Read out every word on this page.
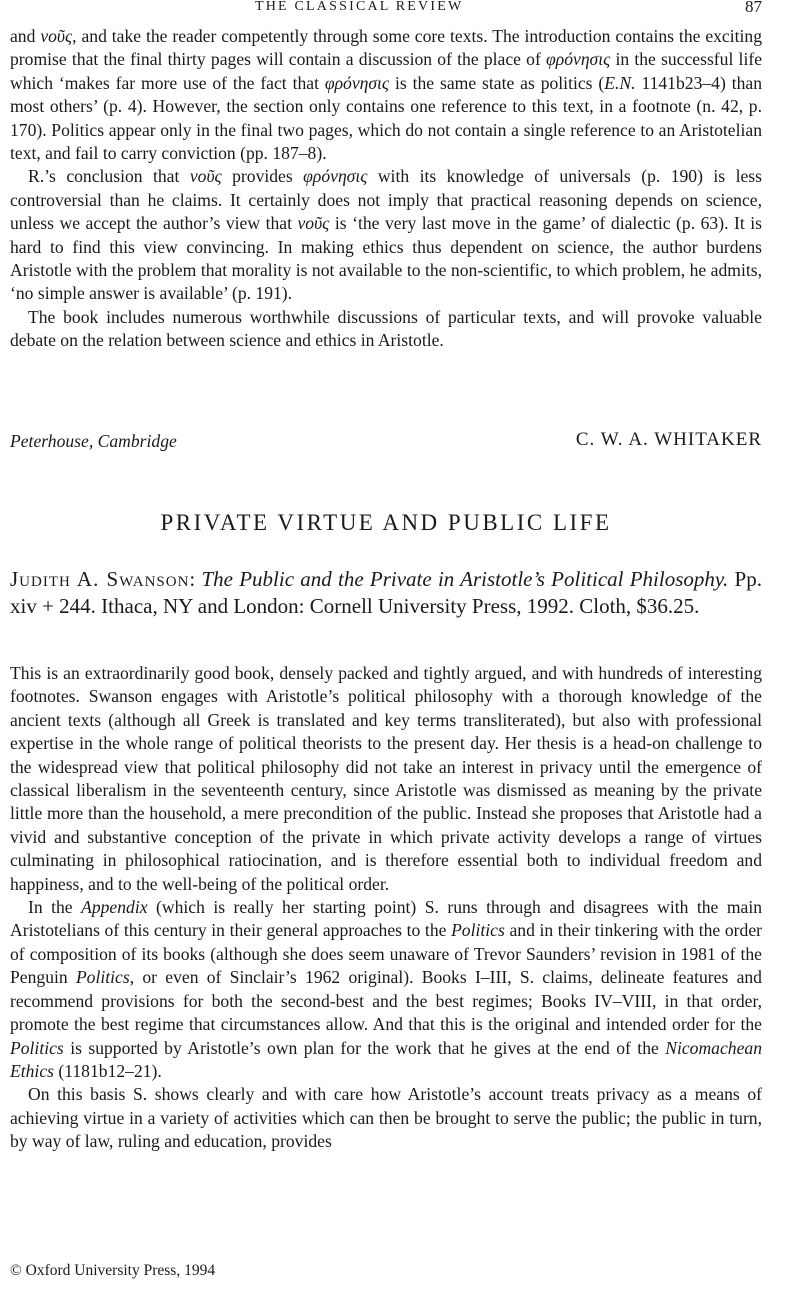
THE CLASSICAL REVIEW	87

and νοῦς, and take the reader competently through some core texts. The introduction contains the exciting promise that the final thirty pages will contain a discussion of the place of φρόνησις in the successful life which ‘makes far more use of the fact that φρόνησις is the same state as politics (E.N. 1141b23–4) than most others’ (p. 4). However, the section only contains one reference to this text, in a footnote (n. 42, p. 170). Politics appear only in the final two pages, which do not contain a single reference to an Aristotelian text, and fail to carry conviction (pp. 187–8).

R.’s conclusion that νοῦς provides φρόνησις with its knowledge of universals (p. 190) is less controversial than he claims. It certainly does not imply that practical reasoning depends on science, unless we accept the author’s view that νοῦς is ‘the very last move in the game’ of dialectic (p. 63). It is hard to find this view convincing. In making ethics thus dependent on science, the author burdens Aristotle with the problem that morality is not available to the non-scientific, to which problem, he admits, ‘no simple answer is available’ (p. 191).

The book includes numerous worthwhile discussions of particular texts, and will provoke valuable debate on the relation between science and ethics in Aristotle.

Peterhouse, Cambridge	C. W. A. WHITAKER
PRIVATE VIRTUE AND PUBLIC LIFE
Judith A. Swanson: The Public and the Private in Aristotle’s Political Philosophy. Pp. xiv + 244. Ithaca, NY and London: Cornell University Press, 1992. Cloth, $36.25.

This is an extraordinarily good book, densely packed and tightly argued, and with hundreds of interesting footnotes. Swanson engages with Aristotle’s political philosophy with a thorough knowledge of the ancient texts (although all Greek is translated and key terms transliterated), but also with professional expertise in the whole range of political theorists to the present day. Her thesis is a head-on challenge to the widespread view that political philosophy did not take an interest in privacy until the emergence of classical liberalism in the seventeenth century, since Aristotle was dismissed as meaning by the private little more than the household, a mere precondition of the public. Instead she proposes that Aristotle had a vivid and substantive conception of the private in which private activity develops a range of virtues culminating in philosophical ratiocination, and is therefore essential both to individual freedom and happiness, and to the well-being of the political order.

In the Appendix (which is really her starting point) S. runs through and disagrees with the main Aristotelians of this century in their general approaches to the Politics and in their tinkering with the order of composition of its books (although she does seem unaware of Trevor Saunders’ revision in 1981 of the Penguin Politics, or even of Sinclair’s 1962 original). Books I–III, S. claims, delineate features and recommend provisions for both the second-best and the best regimes; Books IV–VIII, in that order, promote the best regime that circumstances allow. And that this is the original and intended order for the Politics is supported by Aristotle’s own plan for the work that he gives at the end of the Nicomachean Ethics (1181b12–21).

On this basis S. shows clearly and with care how Aristotle’s account treats privacy as a means of achieving virtue in a variety of activities which can then be brought to serve the public; the public in turn, by way of law, ruling and education, provides

© Oxford University Press, 1994
